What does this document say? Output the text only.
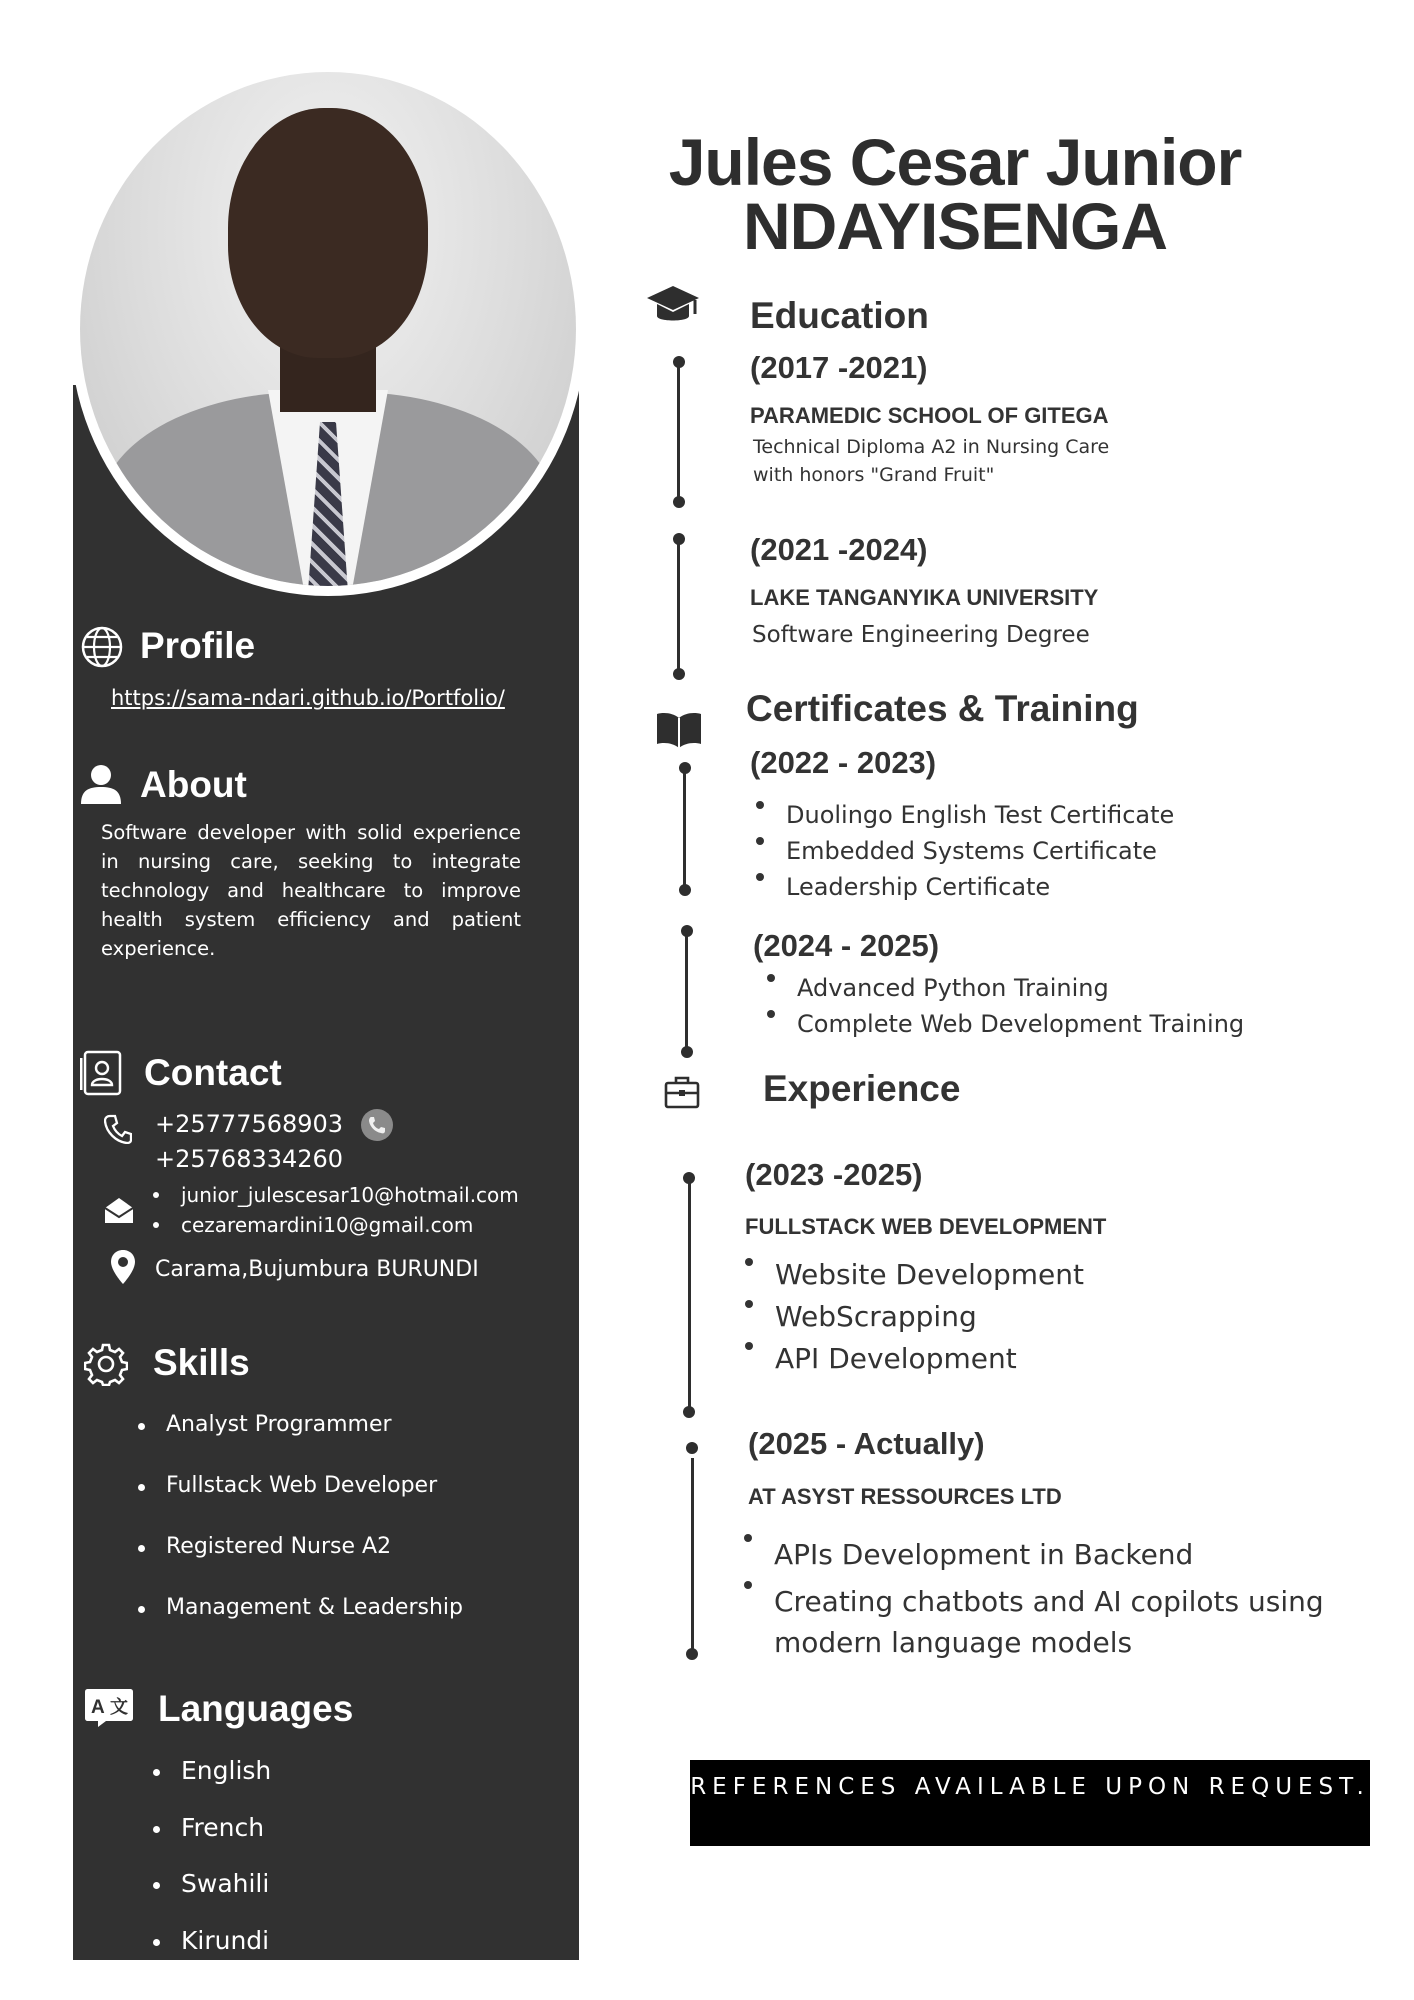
Profile
https://sama-ndari.github.io/Portfolio/
About

Software developer with solid experience in nursing care, seeking to integrate technology and healthcare to improve health system efficiency and patient experience.

Contact
+25777568903
+25768334260
junior_julescesar10@hotmail.com
cezaremardini10@gmail.com
Carama,Bujumbura BURUNDI
Skills
Analyst Programmer
Fullstack Web Developer
Registered Nurse A2
Management & Leadership
A 文 Languages
English
French
Swahili
Kirundi
Jules Cesar Junior
NDAYISENGA
Education
(2017 -2021)
PARAMEDIC SCHOOL OF GITEGA
Technical Diploma A2 in Nursing Care
with honors "Grand Fruit"
(2021 -2024)
LAKE TANGANYIKA UNIVERSITY
Software Engineering Degree
Certificates & Training
(2022 - 2023)
Duolingo English Test Certificate
Embedded Systems Certificate
Leadership Certificate
(2024 - 2025)
Advanced Python Training
Complete Web Development Training
Experience
(2023 -2025)
FULLSTACK WEB DEVELOPMENT
Website Development
WebScrapping
API Development
(2025 - Actually)
AT ASYST RESSOURCES LTD
APIs Development in Backend
Creating chatbots and AI copilots using modern language models
REFERENCES AVAILABLE UPON REQUEST.
